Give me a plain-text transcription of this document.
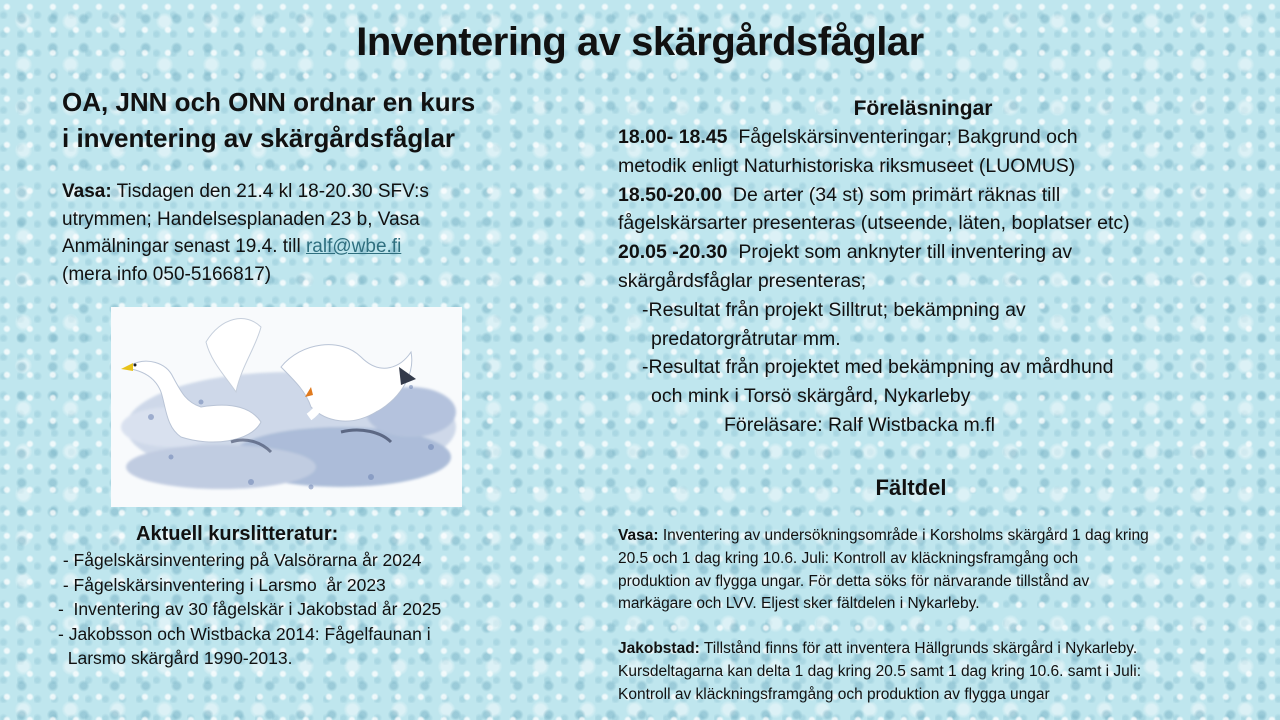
Inventering av skärgårdsfåglar

OA, JNN och ONN ordnar en kurs
i inventering av skärgårdsfåglar

Vasa: Tisdagen den 21.4 kl 18-20.30 SFV:s
utrymmen; Handelsesplanaden 23 b, Vasa
Anmälningar senast 19.4. till ralf@wbe.fi
(mera info 050-5166817)
Aktuell kurslitteratur:
- Fågelskärsinventering på Valsörarna år 2024
- Fågelskärsinventering i Larsmo  år 2023
-  Inventering av 30 fågelskär i Jakobstad år 2025
- Jakobsson och Wistbacka 2014: Fågelfaunan i
Larsmo skärgård 1990-2013.
Föreläsningar
18.00- 18.45  Fågelskärsinventeringar; Bakgrund och
metodik enligt Naturhistoriska riksmuseet (LUOMUS)
18.50-20.00  De arter (34 st) som primärt räknas till
fågelskärsarter presenteras (utseende, läten, boplatser etc)
20.05 -20.30  Projekt som anknyter till inventering av
skärgårdsfåglar presenteras;

-Resultat från projekt Silltrut; bekämpning av
predatorgråtrutar mm.
-Resultat från projektet med bekämpning av mårdhund
och mink i Torsö skärgård, Nykarleby
Föreläsare: Ralf Wistbacka m.fl
Fältdel
Vasa: Inventering av undersökningsområde i Korsholms skärgård 1 dag kring
20.5 och 1 dag kring 10.6. Juli: Kontroll av kläckningsframgång och
produktion av flygga ungar. För detta söks för närvarande tillstånd av
markägare och LVV. Eljest sker fältdelen i Nykarleby.
Jakobstad: Tillstånd finns för att inventera Hällgrunds skärgård i Nykarleby.
Kursdeltagarna kan delta 1 dag kring 20.5 samt 1 dag kring 10.6. samt i Juli:
Kontroll av kläckningsframgång och produktion av flygga ungar
